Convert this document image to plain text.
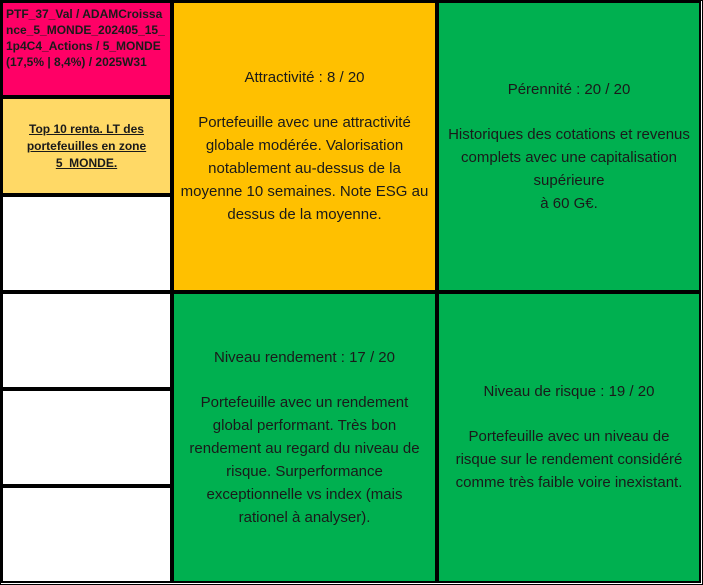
PTF_37_Val / ADAMCroissance_5_MONDE_202405_15_1p4C4_Actions / 5_MONDE (17,5% | 8,4%) / 2025W31
Top 10 renta. LT des portefeuilles en zone 5_MONDE.
Attractivité : 8 / 20
Portefeuille avec une attractivité globale modérée. Valorisation notablement au-dessus de la moyenne 10 semaines. Note ESG au dessus de la moyenne.
Pérennité : 20 / 20
Historiques des cotations et revenus complets avec une capitalisation supérieure
à 60 G€.
Niveau rendement : 17 / 20
Portefeuille avec un rendement global performant. Très bon rendement au regard du niveau de risque. Surperformance exceptionnelle vs index (mais rationel à analyser).
Niveau de risque : 19 / 20
Portefeuille avec un niveau de risque sur le rendement considéré comme très faible voire inexistant.
